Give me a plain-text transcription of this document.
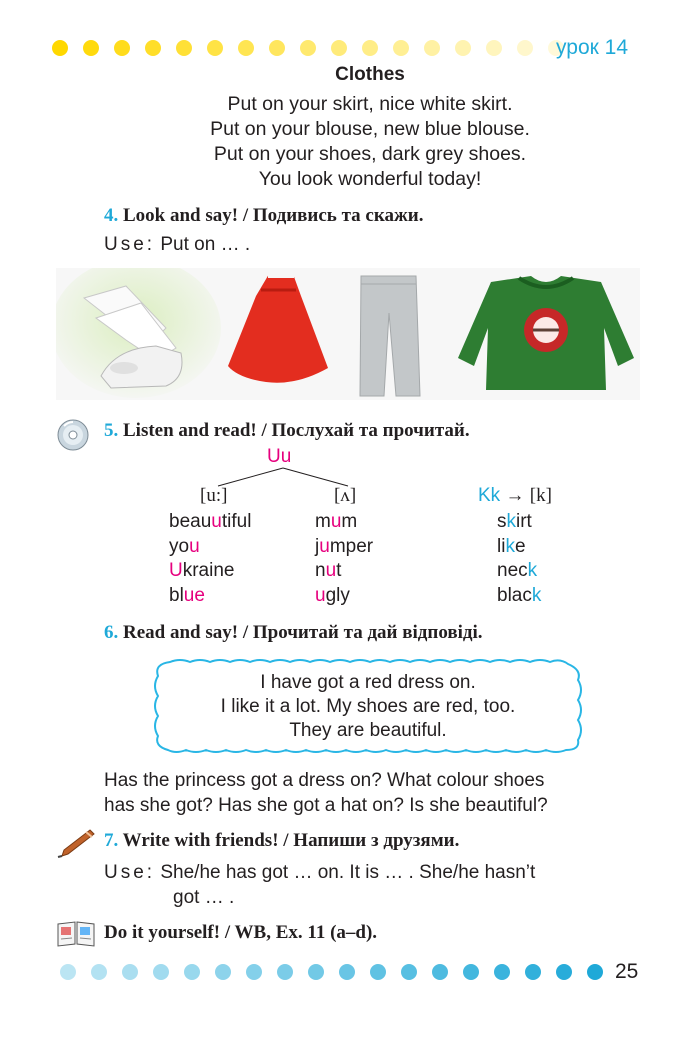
урок 14
Clothes
Put on your skirt, nice white skirt.
Put on your blouse, new blue blouse.
Put on your shoes, dark grey shoes.
You look wonderful today!
4. Look and say! / Подивись та скажи.
Use: Put on … .
5. Listen and read! / Послухай та прочитай.
Uu
[u:]	[ʌ]	Kk → [k]
beauutiful
you
Ukraine
blue
mum
jumper
nut
ugly
skirt
like
neck
black
6. Read and say! / Прочитай та дай відповіді.
I have got a red dress on.
I like it a lot. My shoes are red, too.
They are beautiful.
Has the princess got a dress on? What colour shoes
has she got? Has she got a hat on? Is she beautiful?
7. Write with friends! / Напиши з друзями.
Use: She/he has got … on. It is … . She/he hasn’t
got … .
Do it yourself! / WB, Ex. 11 (a–d).
25
